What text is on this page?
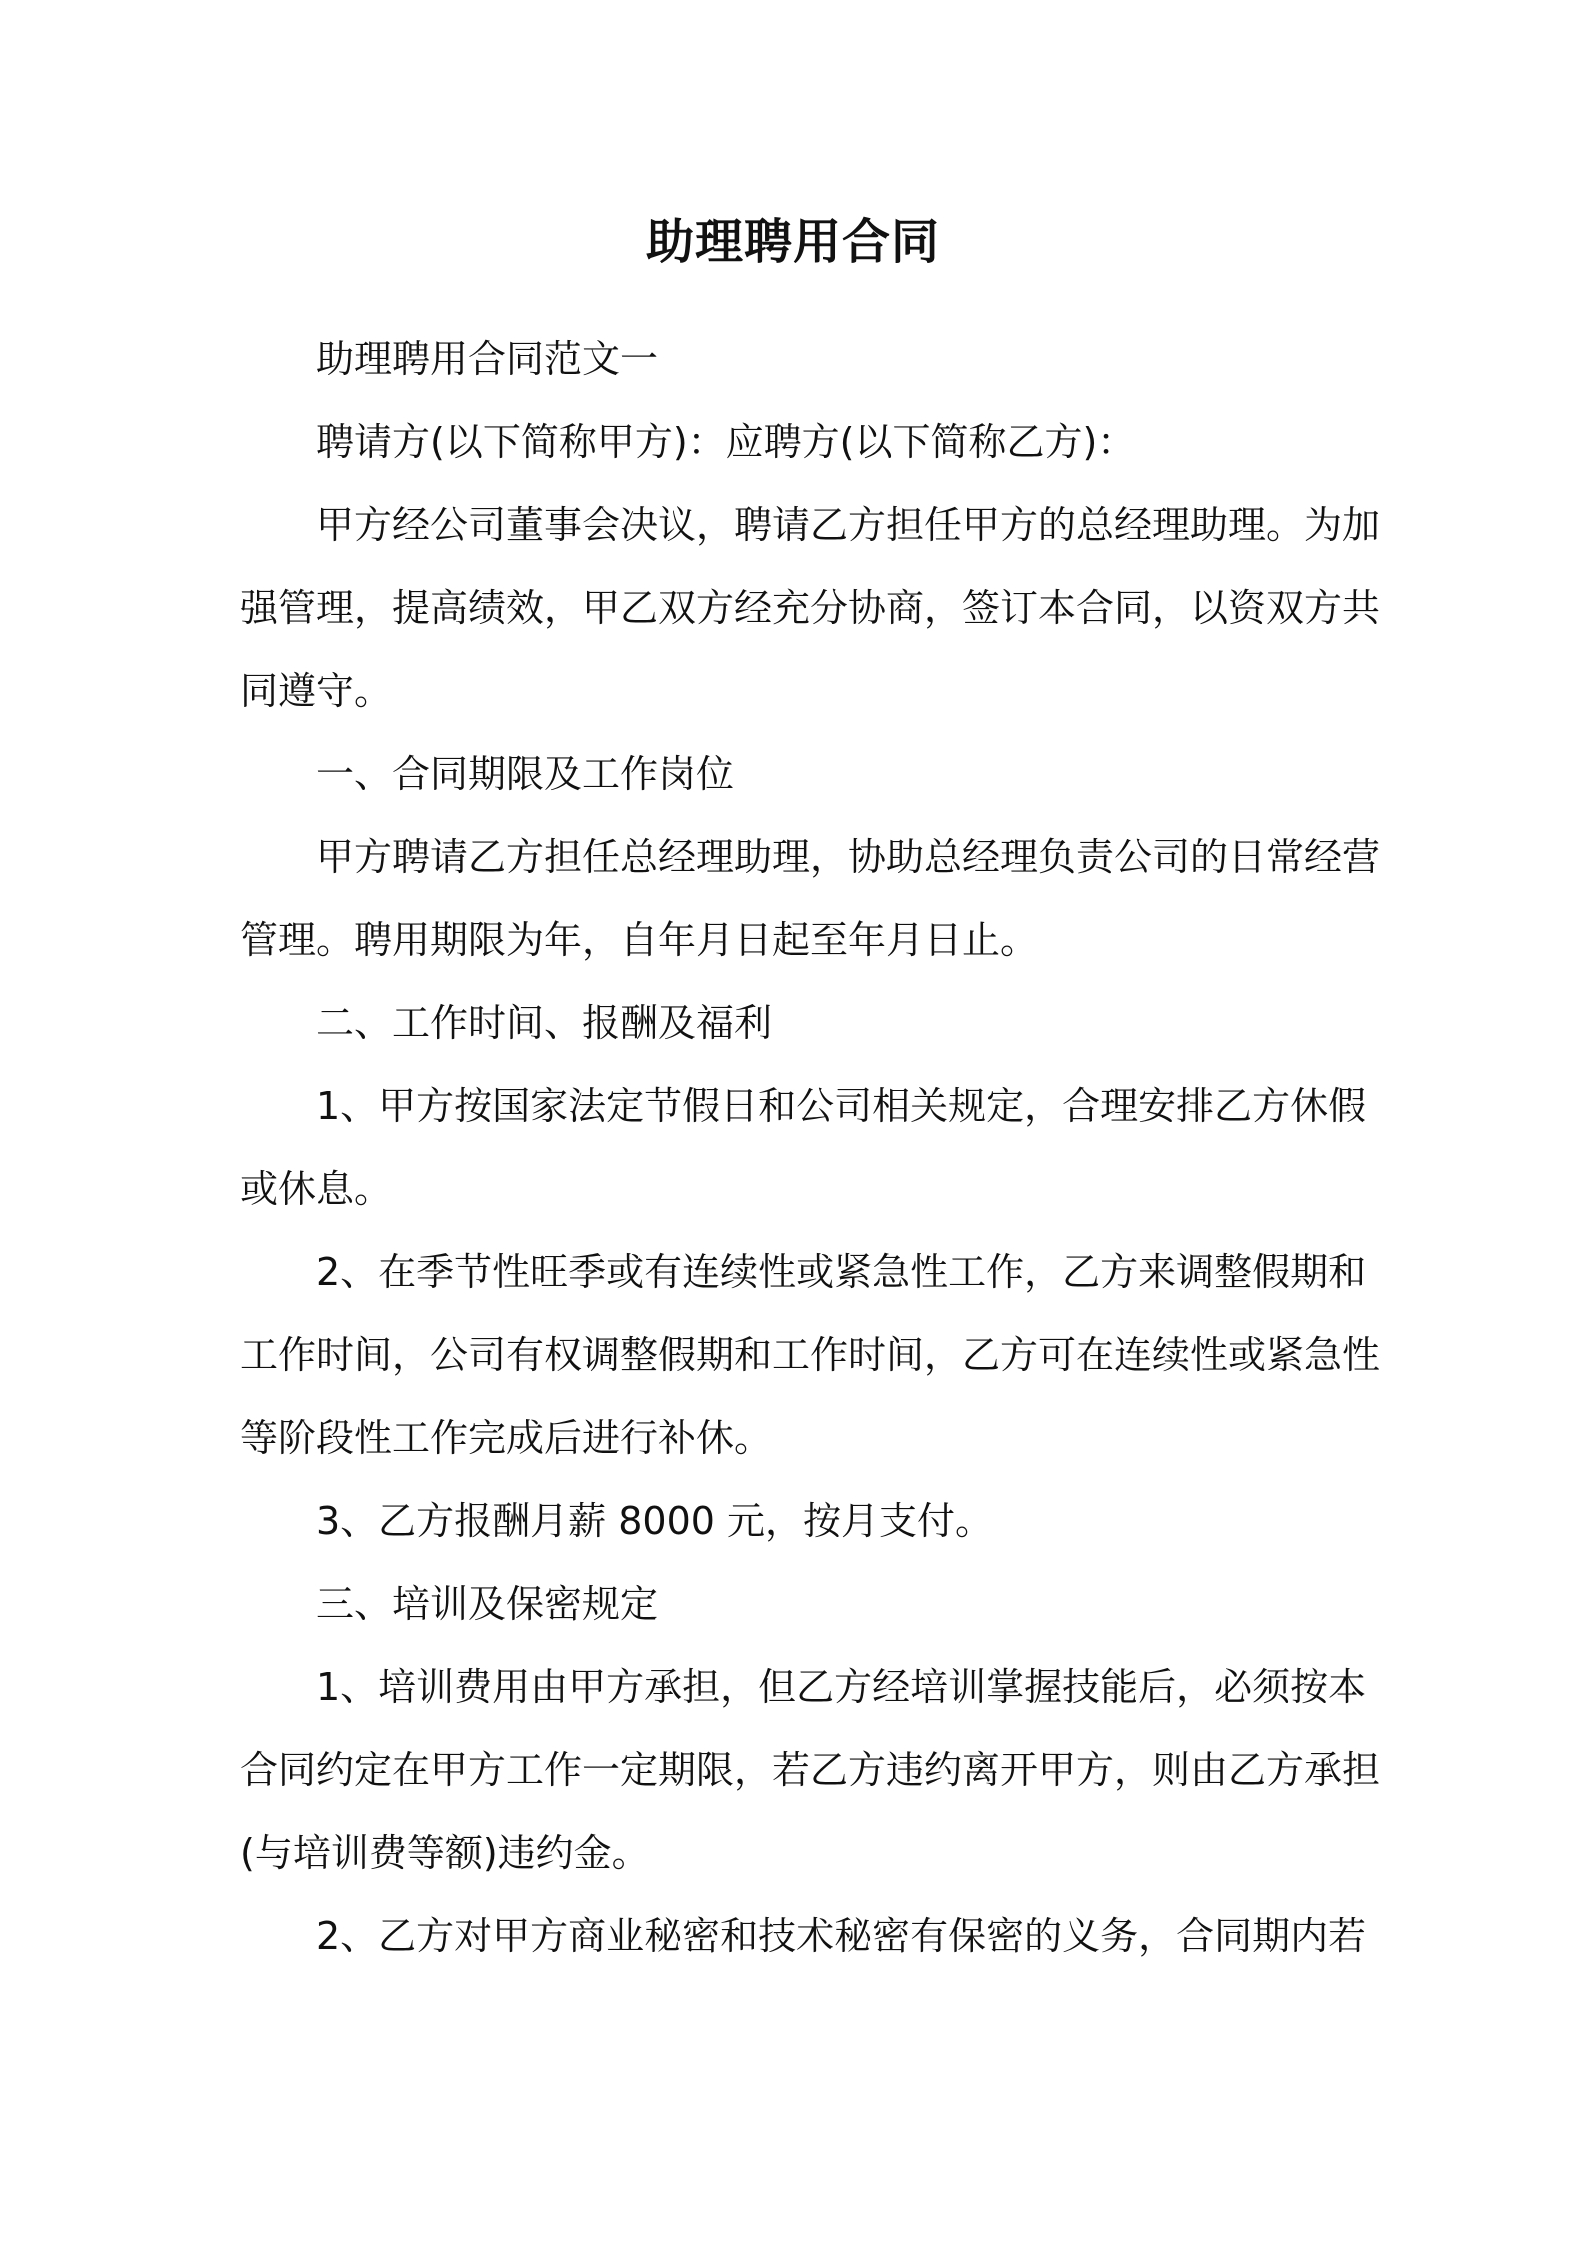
助理聘用合同
助理聘用合同范文一
聘请方(以下简称甲方)：应聘方(以下简称乙方)：
甲方经公司董事会决议，聘请乙方担任甲方的总经理助理。为加
强管理，提高绩效，甲乙双方经充分协商，签订本合同，以资双方共
同遵守。
一、合同期限及工作岗位
甲方聘请乙方担任总经理助理，协助总经理负责公司的日常经营
管理。聘用期限为年，自年月日起至年月日止。
二、工作时间、报酬及福利
1、甲方按国家法定节假日和公司相关规定，合理安排乙方休假
或休息。
2、在季节性旺季或有连续性或紧急性工作，乙方来调整假期和
工作时间，公司有权调整假期和工作时间，乙方可在连续性或紧急性
等阶段性工作完成后进行补休。
3、乙方报酬月薪 8000 元，按月支付。
三、培训及保密规定
1、培训费用由甲方承担，但乙方经培训掌握技能后，必须按本
合同约定在甲方工作一定期限，若乙方违约离开甲方，则由乙方承担
(与培训费等额)违约金。
2、乙方对甲方商业秘密和技术秘密有保密的义务，合同期内若
